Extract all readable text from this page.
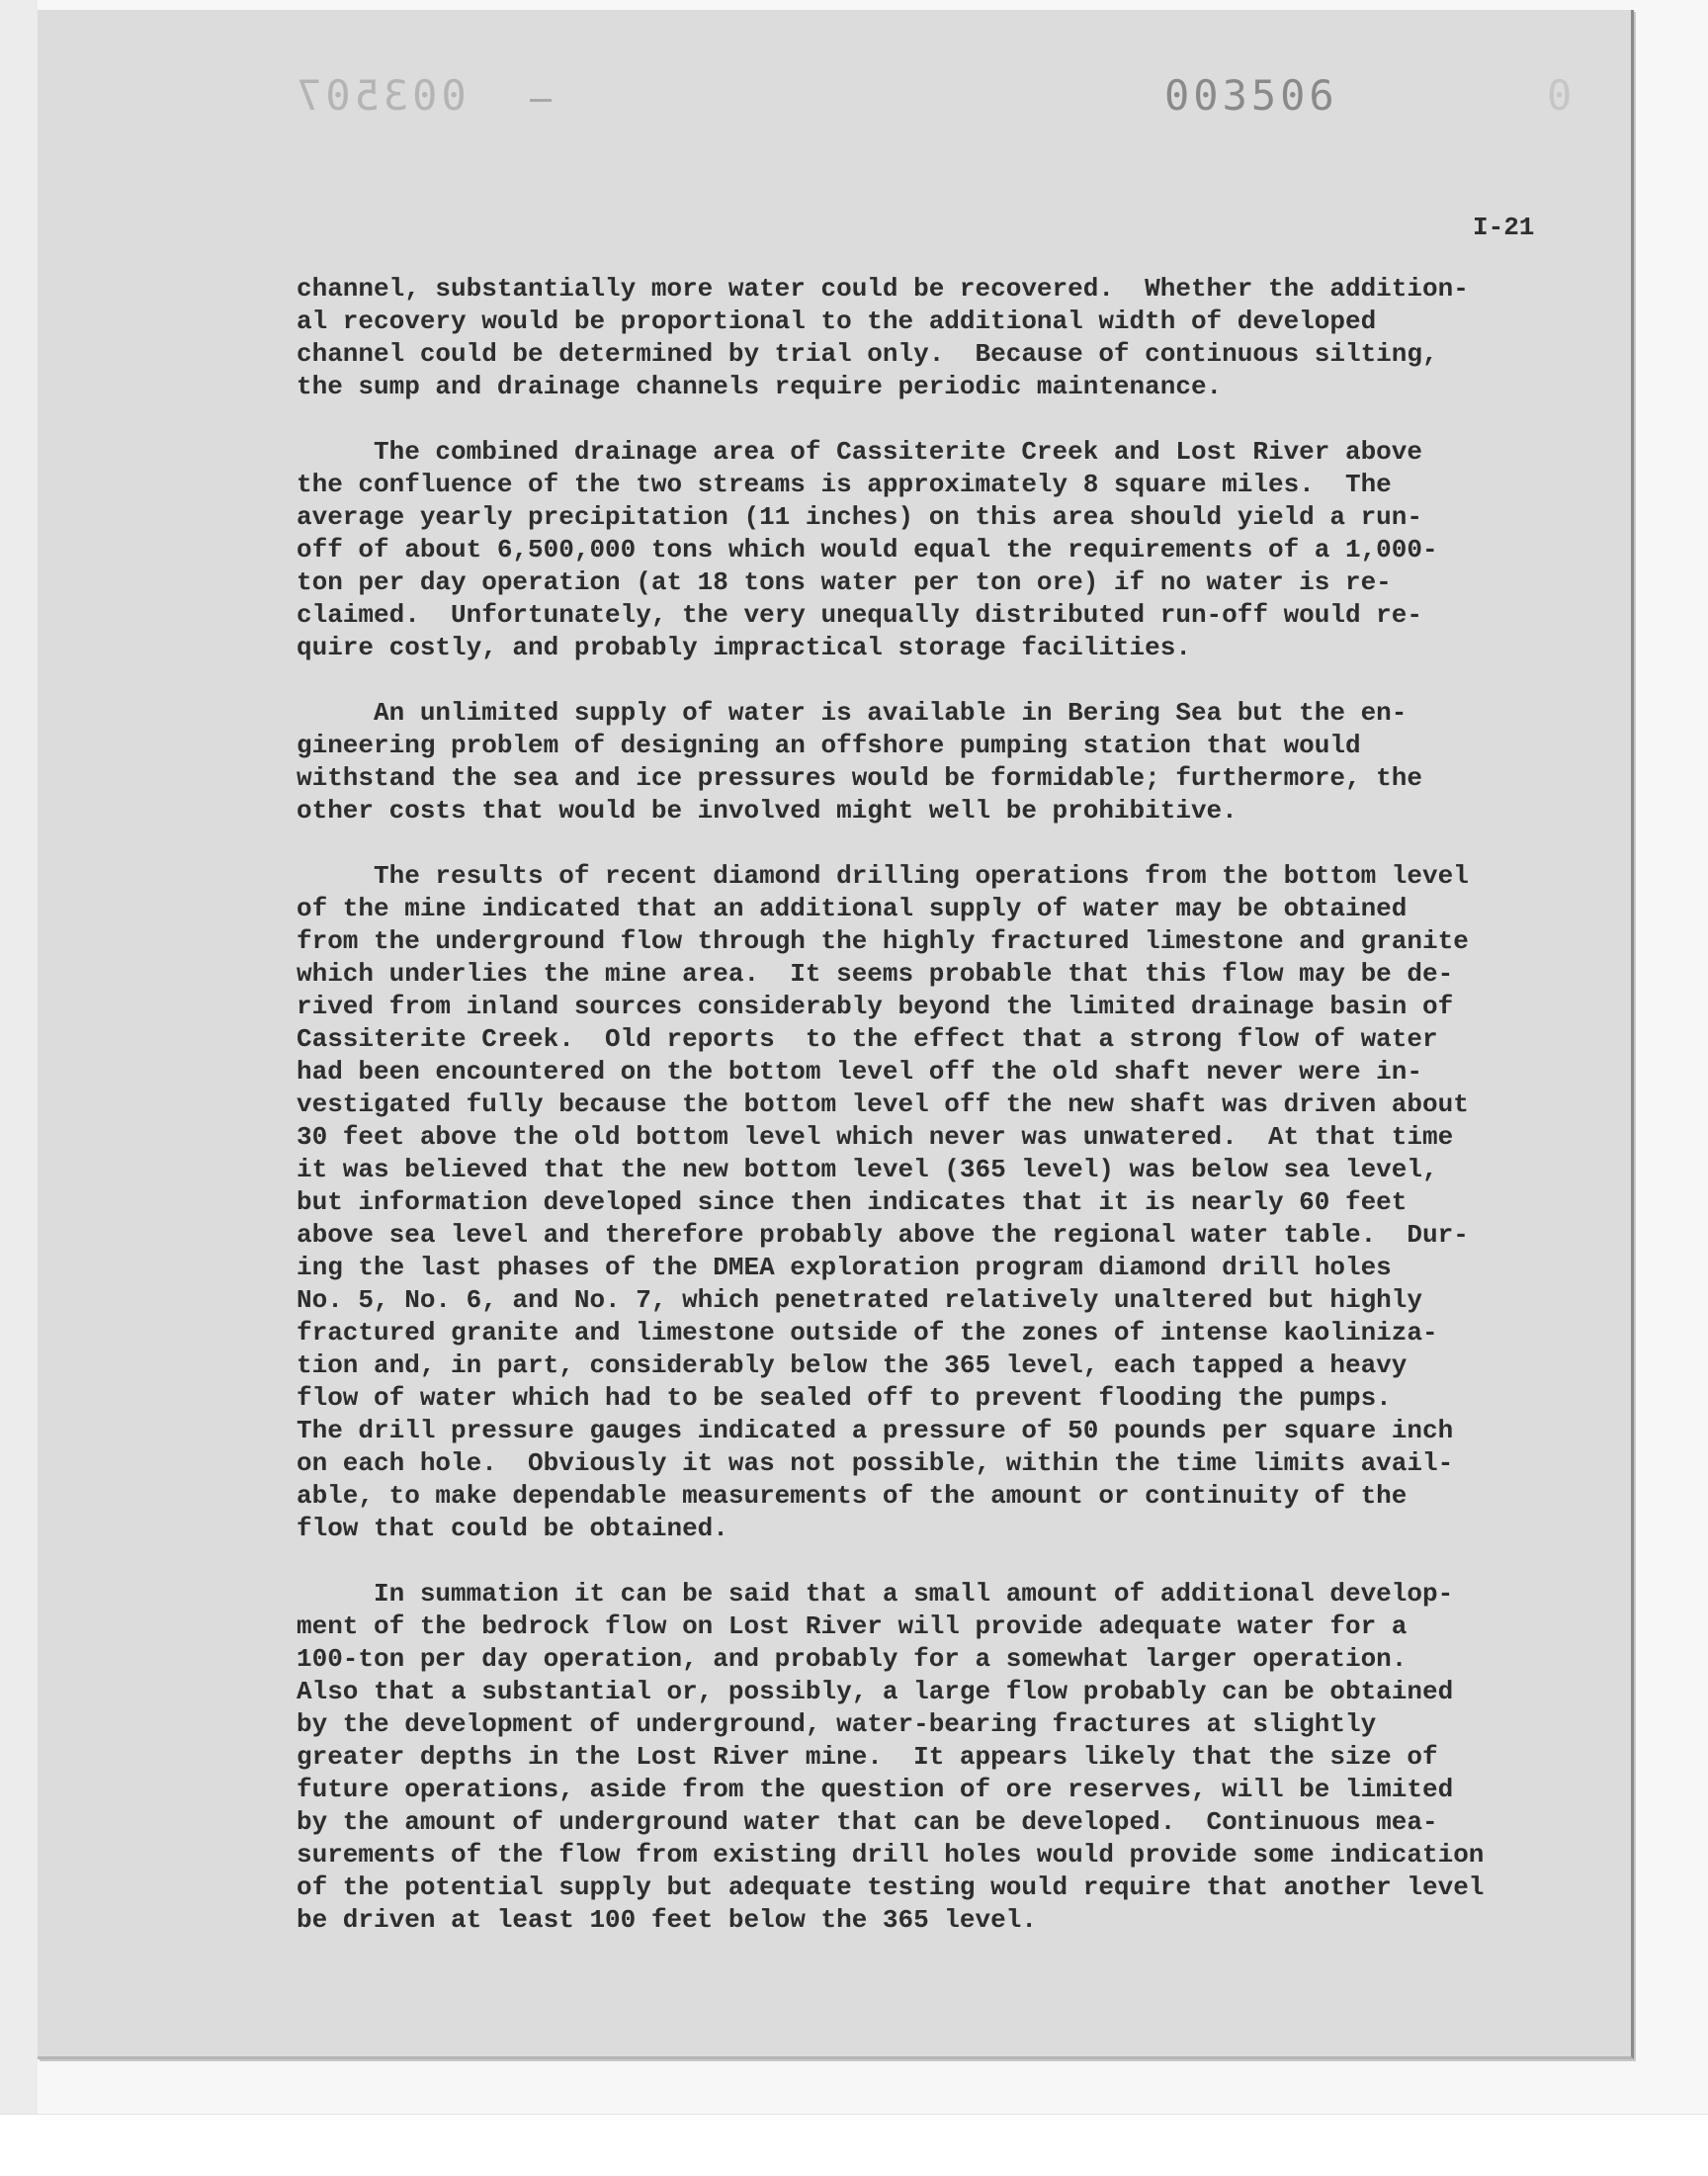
003507	0
003506
I-21

channel, substantially more water could be recovered.  Whether the addition-
al recovery would be proportional to the additional width of developed
channel could be determined by trial only.  Because of continuous silting,
the sump and drainage channels require periodic maintenance.

The combined drainage area of Cassiterite Creek and Lost River above
the confluence of the two streams is approximately 8 square miles.  The
average yearly precipitation (11 inches) on this area should yield a run-
off of about 6,500,000 tons which would equal the requirements of a 1,000-
ton per day operation (at 18 tons water per ton ore) if no water is re-
claimed.  Unfortunately, the very unequally distributed run-off would re-
quire costly, and probably impractical storage facilities.

An unlimited supply of water is available in Bering Sea but the en-
gineering problem of designing an offshore pumping station that would
withstand the sea and ice pressures would be formidable; furthermore, the
other costs that would be involved might well be prohibitive.

The results of recent diamond drilling operations from the bottom level
of the mine indicated that an additional supply of water may be obtained
from the underground flow through the highly fractured limestone and granite
which underlies the mine area.  It seems probable that this flow may be de-
rived from inland sources considerably beyond the limited drainage basin of
Cassiterite Creek.  Old reports  to the effect that a strong flow of water
had been encountered on the bottom level off the old shaft never were in-
vestigated fully because the bottom level off the new shaft was driven about
30 feet above the old bottom level which never was unwatered.  At that time
it was believed that the new bottom level (365 level) was below sea level,
but information developed since then indicates that it is nearly 60 feet
above sea level and therefore probably above the regional water table.  Dur-
ing the last phases of the DMEA exploration program diamond drill holes
No. 5, No. 6, and No. 7, which penetrated relatively unaltered but highly
fractured granite and limestone outside of the zones of intense kaoliniza-
tion and, in part, considerably below the 365 level, each tapped a heavy
flow of water which had to be sealed off to prevent flooding the pumps.
The drill pressure gauges indicated a pressure of 50 pounds per square inch
on each hole.  Obviously it was not possible, within the time limits avail-
able, to make dependable measurements of the amount or continuity of the
flow that could be obtained.

In summation it can be said that a small amount of additional develop-
ment of the bedrock flow on Lost River will provide adequate water for a
100-ton per day operation, and probably for a somewhat larger operation.
Also that a substantial or, possibly, a large flow probably can be obtained
by the development of underground, water-bearing fractures at slightly
greater depths in the Lost River mine.  It appears likely that the size of
future operations, aside from the question of ore reserves, will be limited
by the amount of underground water that can be developed.  Continuous mea-
surements of the flow from existing drill holes would provide some indication
of the potential supply but adequate testing would require that another level
be driven at least 100 feet below the 365 level.
